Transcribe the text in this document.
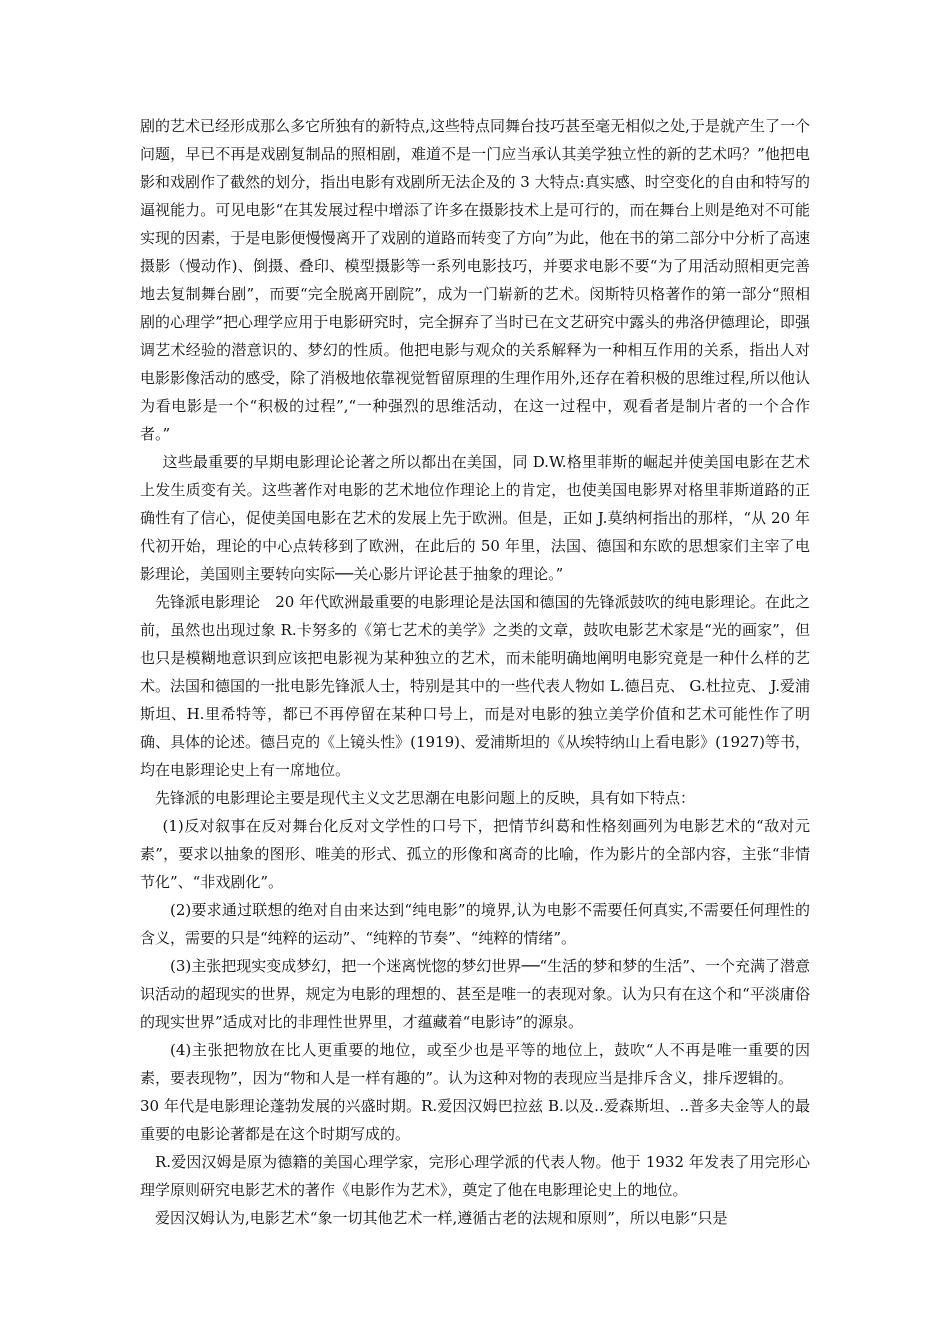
剧的艺术已经形成那么多它所独有的新特点,这些特点同舞台技巧甚至毫无相似之处,于是就产生了一个问题，早已不再是戏剧复制品的照相剧，难道不是一门应当承认其美学独立性的新的艺术吗？”他把电影和戏剧作了截然的划分，指出电影有戏剧所无法企及的 3 大特点:真实感、时空变化的自由和特写的逼视能力。可见电影“在其发展过程中增添了许多在摄影技术上是可行的，而在舞台上则是绝对不可能实现的因素，于是电影便慢慢离开了戏剧的道路而转变了方向”为此，他在书的第二部分中分析了高速摄影（慢动作)、倒摄、叠印、模型摄影等一系列电影技巧，并要求电影不要“为了用活动照相更完善地去复制舞台剧”，而要“完全脱离开剧院”，成为一门崭新的艺术。闵斯特贝格著作的第一部分“照相剧的心理学”把心理学应用于电影研究时，完全摒弃了当时已在文艺研究中露头的弗洛伊德理论，即强调艺术经验的潜意识的、梦幻的性质。他把电影与观众的关系解释为一种相互作用的关系，指出人对电影影像活动的感受，除了消极地依靠视觉暂留原理的生理作用外,还存在着积极的思维过程,所以他认为看电影是一个“积极的过程”,“一种强烈的思维活动，在这一过程中，观看者是制片者的一个合作者。”

这些最重要的早期电影理论论著之所以都出在美国，同 D.W.格里菲斯的崛起并使美国电影在艺术上发生质变有关。这些著作对电影的艺术地位作理论上的肯定，也使美国电影界对格里菲斯道路的正确性有了信心，促使美国电影在艺术的发展上先于欧洲。但是，正如 J.莫纳柯指出的那样，“从 20 年代初开始，理论的中心点转移到了欧洲，在此后的 50 年里，法国、德国和东欧的思想家们主宰了电影理论，美国则主要转向实际──关心影片评论甚于抽象的理论。”

先锋派电影理论　20 年代欧洲最重要的电影理论是法国和德国的先锋派鼓吹的纯电影理论。在此之前，虽然也出现过象 R.卡努多的《第七艺术的美学》之类的文章，鼓吹电影艺术家是“光的画家”，但也只是模糊地意识到应该把电影视为某种独立的艺术，而未能明确地阐明电影究竟是一种什么样的艺术。法国和德国的一批电影先锋派人士，特别是其中的一些代表人物如 L.德吕克、 G.杜拉克、 J.爱浦斯坦、H.里希特等，都已不再停留在某种口号上，而是对电影的独立美学价值和艺术可能性作了明确、具体的论述。德吕克的《上镜头性》(1919)、爱浦斯坦的《从埃特纳山上看电影》(1927)等书，均在电影理论史上有一席地位。

先锋派的电影理论主要是现代主义文艺思潮在电影问题上的反映，具有如下特点：

(1)反对叙事在反对舞台化反对文学性的口号下，把情节纠葛和性格刻画列为电影艺术的“敌对元素”，要求以抽象的图形、唯美的形式、孤立的形像和离奇的比喻，作为影片的全部内容，主张“非情节化”、“非戏剧化”。

(2)要求通过联想的绝对自由来达到“纯电影”的境界,认为电影不需要任何真实,不需要任何理性的含义，需要的只是“纯粹的运动”、“纯粹的节奏”、“纯粹的情绪”。

(3)主张把现实变成梦幻，把一个迷离恍惚的梦幻世界──“生活的梦和梦的生活”、一个充满了潜意识活动的超现实的世界，规定为电影的理想的、甚至是唯一的表现对象。认为只有在这个和“平淡庸俗的现实世界”适成对比的非理性世界里，才蕴藏着“电影诗”的源泉。

(4)主张把物放在比人更重要的地位，或至少也是平等的地位上，鼓吹“人不再是唯一重要的因素，要表现物”，因为“物和人是一样有趣的”。认为这种对物的表现应当是排斥含义，排斥逻辑的。

30 年代是电影理论蓬勃发展的兴盛时期。R.爱因汉姆巴拉兹 B.以及..爱森斯坦、..普多夫金等人的最重要的电影论著都是在这个时期写成的。

R.爱因汉姆是原为德籍的美国心理学家，完形心理学派的代表人物。他于 1932 年发表了用完形心理学原则研究电影艺术的著作《电影作为艺术》，奠定了他在电影理论史上的地位。

爱因汉姆认为,电影艺术“象一切其他艺术一样,遵循古老的法规和原则”，所以电影“只是
